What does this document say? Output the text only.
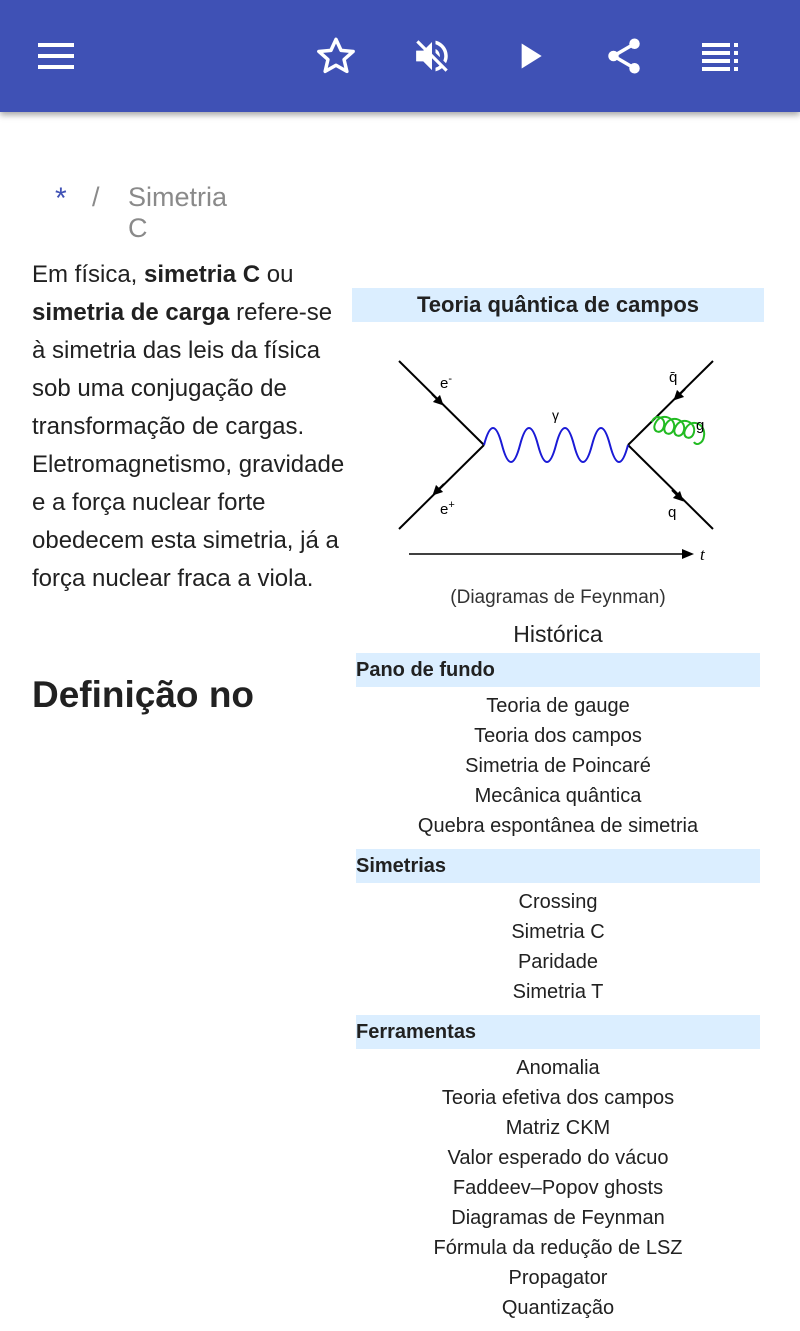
* / Simetria C
Em física, simetria C ou simetria de carga refere-se à simetria das leis da física sob uma conjugação de transformação de cargas. Eletromagnetismo, gravidade e a força nuclear forte obedecem esta simetria, já a força nuclear fraca a viola.
Definição no
Teoria quântica de campos
e-
e+
γ
q̄
g
q
t
(Diagramas de Feynman)
Histórica
Pano de fundo
Teoria de gauge
Teoria dos campos
Simetria de Poincaré
Mecânica quântica
Quebra espontânea de simetria
Simetrias
Crossing
Simetria C
Paridade
Simetria T
Ferramentas
Anomalia
Teoria efetiva dos campos
Matriz CKM
Valor esperado do vácuo
Faddeev–Popov ghosts
Diagramas de Feynman
Fórmula da redução de LSZ
Propagator
Quantização
